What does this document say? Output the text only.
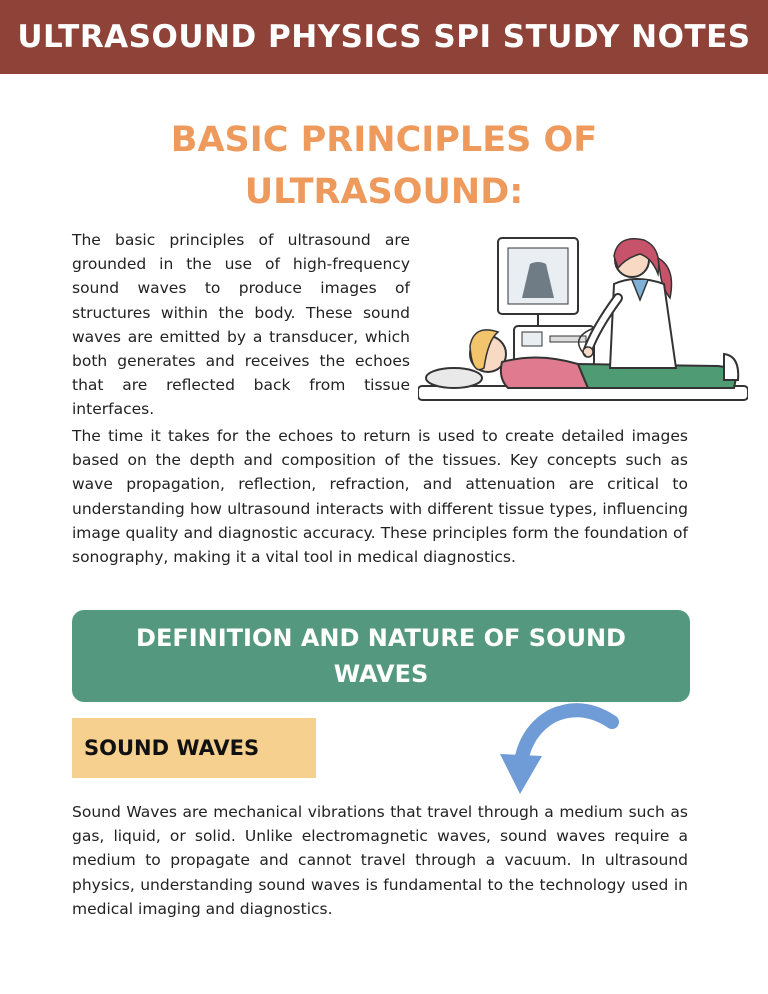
ULTRASOUND PHYSICS SPI STUDY NOTES
BASIC PRINCIPLES OF ULTRASOUND:

The basic principles of ultrasound are grounded in the use of high-frequency sound waves to produce images of structures within the body. These sound waves are emitted by a transducer, which both generates and receives the echoes that are reflected back from tissue interfaces.

The time it takes for the echoes to return is used to create detailed images based on the depth and composition of the tissues. Key concepts such as wave propagation, reflection, refraction, and attenuation are critical to understanding how ultrasound interacts with different tissue types, influencing image quality and diagnostic accuracy. These principles form the foundation of sonography, making it a vital tool in medical diagnostics.

DEFINITION AND NATURE OF SOUND WAVES
SOUND WAVES

Sound Waves are mechanical vibrations that travel through a medium such as gas, liquid, or solid. Unlike electromagnetic waves, sound waves require a medium to propagate and cannot travel through a vacuum. In ultrasound physics, understanding sound waves is fundamental to the technology used in medical imaging and diagnostics.
